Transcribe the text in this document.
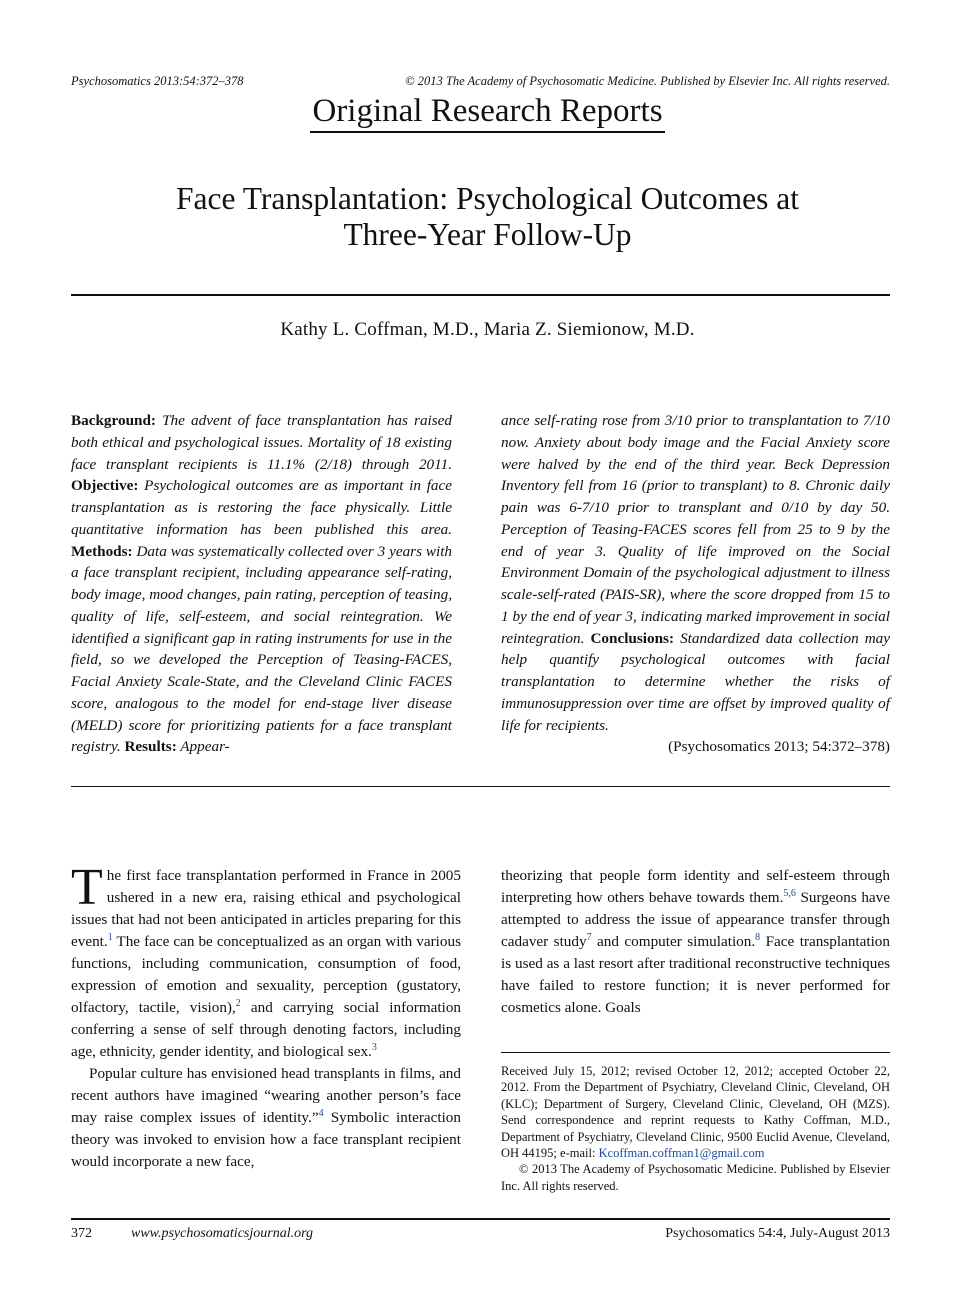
Psychosomatics 2013:54:372–378	© 2013 The Academy of Psychosomatic Medicine. Published by Elsevier Inc. All rights reserved.
Original Research Reports
Face Transplantation: Psychological Outcomes at
Three-Year Follow-Up
Kathy L. Coffman, M.D., Maria Z. Siemionow, M.D.
Background: The advent of face transplantation has raised both ethical and psychological issues. Mortality of 18 existing face transplant recipients is 11.1% (2/18) through 2011. Objective: Psychological outcomes are as important in face transplantation as is restoring the face physically. Little quantitative information has been published this area. Methods: Data was systematically collected over 3 years with a face transplant recipient, including appearance self-rating, body image, mood changes, pain rating, perception of teasing, quality of life, self-esteem, and social reintegration. We identified a significant gap in rating instruments for use in the field, so we developed the Perception of Teasing-FACES, Facial Anxiety Scale-State, and the Cleveland Clinic FACES score, analogous to the model for end-stage liver disease (MELD) score for prioritizing patients for a face transplant registry. Results: Appear-
ance self-rating rose from 3/10 prior to transplantation to 7/10 now. Anxiety about body image and the Facial Anxiety score were halved by the end of the third year. Beck Depression Inventory fell from 16 (prior to transplant) to 8. Chronic daily pain was 6-7/10 prior to transplant and 0/10 by day 50. Perception of Teasing-FACES scores fell from 25 to 9 by the end of year 3. Quality of life improved on the Social Environment Domain of the psychological adjustment to illness scale-self-rated (PAIS-SR), where the score dropped from 15 to 1 by the end of year 3, indicating marked improvement in social reintegration. Conclusions: Standardized data collection may help quantify psychological outcomes with facial transplantation to determine whether the risks of immunosuppression over time are offset by improved quality of life for recipients.
(Psychosomatics 2013; 54:372–378)

The first face transplantation performed in France in 2005 ushered in a new era, raising ethical and psychological issues that had not been anticipated in articles preparing for this event.$^1$ The face can be conceptualized as an organ with various functions, including communication, consumption of food, expression of emotion and sexuality, perception (gustatory, olfactory, tactile, vision),$^2$ and carrying social information conferring a sense of self through denoting factors, including age, ethnicity, gender identity, and biological sex.$^3$

Popular culture has envisioned head transplants in films, and recent authors have imagined “wearing another person’s face may raise complex issues of identity.”$^4$ Symbolic interaction theory was invoked to envision how a face transplant recipient would incorporate a new face,

theorizing that people form identity and self-esteem through interpreting how others behave towards them.$^{5,6}$ Surgeons have attempted to address the issue of appearance transfer through cadaver study$^7$ and computer simulation.$^8$ Face transplantation is used as a last resort after traditional reconstructive techniques have failed to restore function; it is never performed for cosmetics alone. Goals

Received July 15, 2012; revised October 12, 2012; accepted October 22, 2012. From the Department of Psychiatry, Cleveland Clinic, Cleveland, OH (KLC); Department of Surgery, Cleveland Clinic, Cleveland, OH (MZS). Send correspondence and reprint requests to Kathy Coffman, M.D., Department of Psychiatry, Cleveland Clinic, 9500 Euclid Avenue, Cleveland, OH 44195; e-mail: Kcoffman.coffman1@gmail.com

© 2013 The Academy of Psychosomatic Medicine. Published by Elsevier Inc. All rights reserved.

372	www.psychosomaticsjournal.org	Psychosomatics 54:4, July-August 2013
